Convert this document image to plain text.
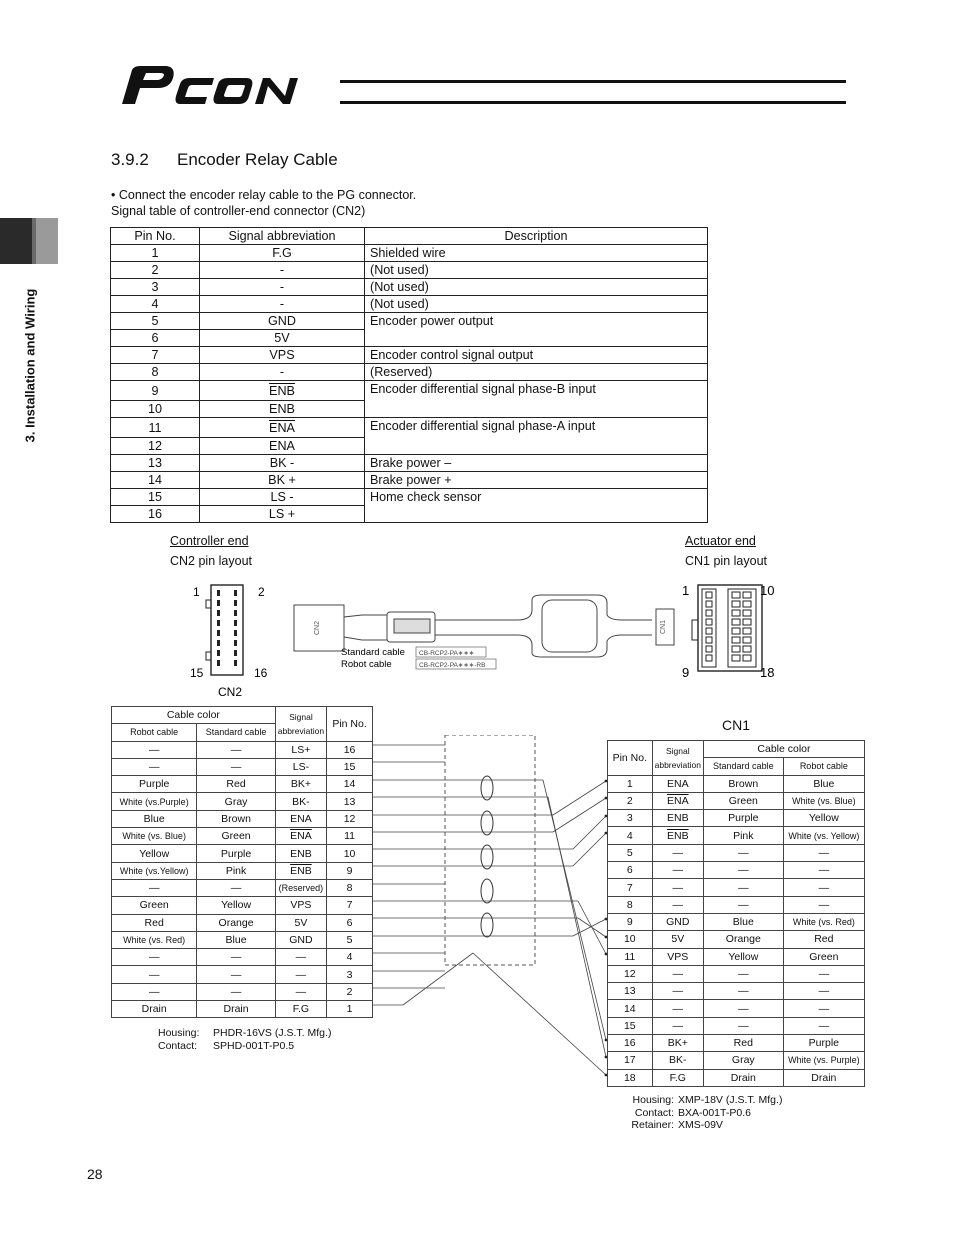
PCON
3. Installation and Wiring
3.9.2 Encoder Relay Cable
• Connect the encoder relay cable to the PG connector.
Signal table of controller-end connector (CN2)
Pin No.	Signal abbreviation	Description
1	F.G	Shielded wire
2	-	(Not used)
3	-	(Not used)
4	-	(Not used)
5	GND	Encoder power output
6	5V	
7	VPS	Encoder control signal output
8	-	(Reserved)
9	$\overline{ENB}$	Encoder differential signal phase-B input
10	ENB	
11	$\overline{ENA}$	Encoder differential signal phase-A input
12	ENA	
13	BK -	Brake power –
14	BK +	Brake power +
15	LS -	Home check sensor
16	LS +	
Controller end
CN2 pin layout
Actuator end
CN1 pin layout
1	2
15	16
CN2
CN2	CN1
Standard cable
Robot cable
CB-RCP2-PA∗∗∗
CB-RCP2-PA∗∗∗-RB
1	10
9	18
Cable color		Signal abbreviation	Pin No.
Robot cable	Standard cable		
—	—	LS+	16
—	—	LS-	15
Purple	Red	BK+	14
White (vs.Purple)	Gray	BK-	13
Blue	Brown	ENA	12
White (vs. Blue)	Green	$\overline{ENA}$	11
Yellow	Purple	ENB	10
White (vs.Yellow)	Pink	$\overline{ENB}$	9
—	—	(Reserved)	8
Green	Yellow	VPS	7
Red	Orange	5V	6
White (vs. Red)	Blue	GND	5
—	—	—	4
—	—	—	3
—	—	—	2
Drain	Drain	F.G	1
Housing: PHDR-16VS (J.S.T. Mfg.)
Contact: SPHD-001T-P0.5
CN1
Pin No.	Signal abbreviation	Cable color	
		Standard cable	Robot cable
1	ENA	Brown	Blue
2	$\overline{ENA}$	Green	White (vs. Blue)
3	ENB	Purple	Yellow
4	$\overline{ENB}$	Pink	White (vs. Yellow)
5	—	—	—
6	—	—	—
7	—	—	—
8	—	—	—
9	GND	Blue	White (vs. Red)
10	5V	Orange	Red
11	VPS	Yellow	Green
12	—	—	—
13	—	—	—
14	—	—	—
15	—	—	—
16	BK+	Red	Purple
17	BK-	Gray	White (vs. Purple)
18	F.G	Drain	Drain
Housing: XMP-18V (J.S.T. Mfg.)
Contact: BXA-001T-P0.6
Retainer: XMS-09V
28
